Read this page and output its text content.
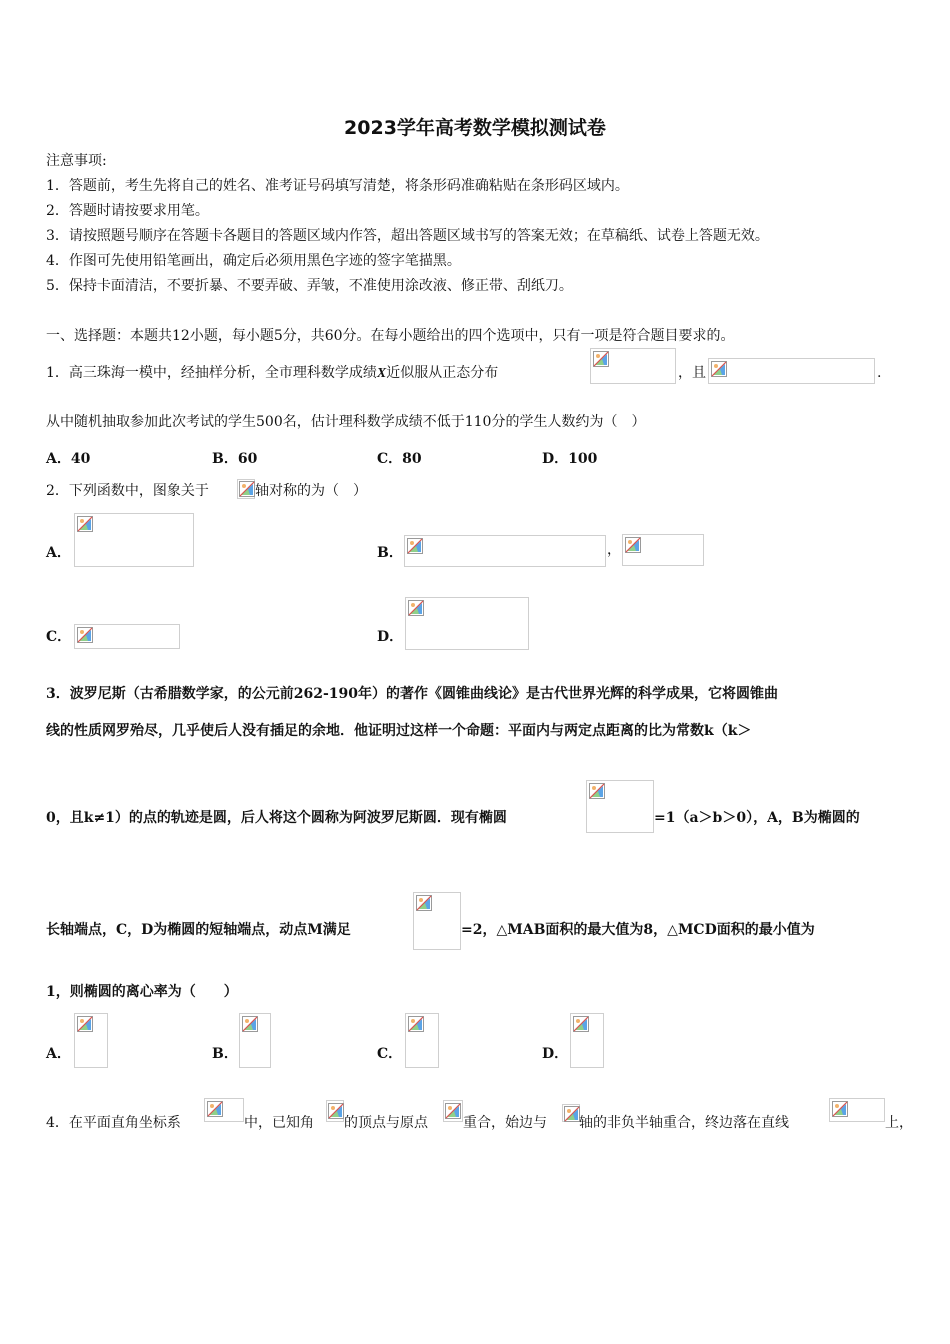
2023学年高考数学模拟测试卷
注意事项:
1．答题前，考生先将自己的姓名、准考证号码填写清楚，将条形码准确粘贴在条形码区域内。
2．答题时请按要求用笔。
3．请按照题号顺序在答题卡各题目的答题区域内作答，超出答题区域书写的答案无效；在草稿纸、试卷上答题无效。
4．作图可先使用铅笔画出，确定后必须用黑色字迹的签字笔描黑。
5．保持卡面清洁，不要折暴、不要弄破、弄皱，不准使用涂改液、修正带、刮纸刀。
一、选择题：本题共12小题，每小题5分，共60分。在每小题给出的四个选项中，只有一项是符合题目要求的。
1．高三珠海一模中，经抽样分析，全市理科数学成绩X近似服从正态分布	，且	.
从中随机抽取参加此次考试的学生500名，估计理科数学成绩不低于110分的学生人数约为（　）
A．40	B．60	C．80	D．100
2．下列函数中，图象关于	轴对称的为（　）
A．	B．	，
C．	D．
3．波罗尼斯（古希腊数学家，的公元前262-190年）的著作《圆锥曲线论》是古代世界光辉的科学成果，它将圆锥曲
线的性质网罗殆尽，几乎使后人没有插足的余地．他证明过这样一个命题：平面内与两定点距离的比为常数k（k＞
0，且k≠1）的点的轨迹是圆，后人将这个圆称为阿波罗尼斯圆．现有椭圆	=1（a＞b＞0），A，B为椭圆的
长轴端点，C，D为椭圆的短轴端点，动点M满足	=2，△MAB面积的最大值为8，△MCD面积的最小值为
1，则椭圆的离心率为（　　）
A．	B．	C．	D．
4．在平面直角坐标系	中，已知角 的顶点与原点	重合，始边与 轴的非负半轴重合，终边落在直线	上，
